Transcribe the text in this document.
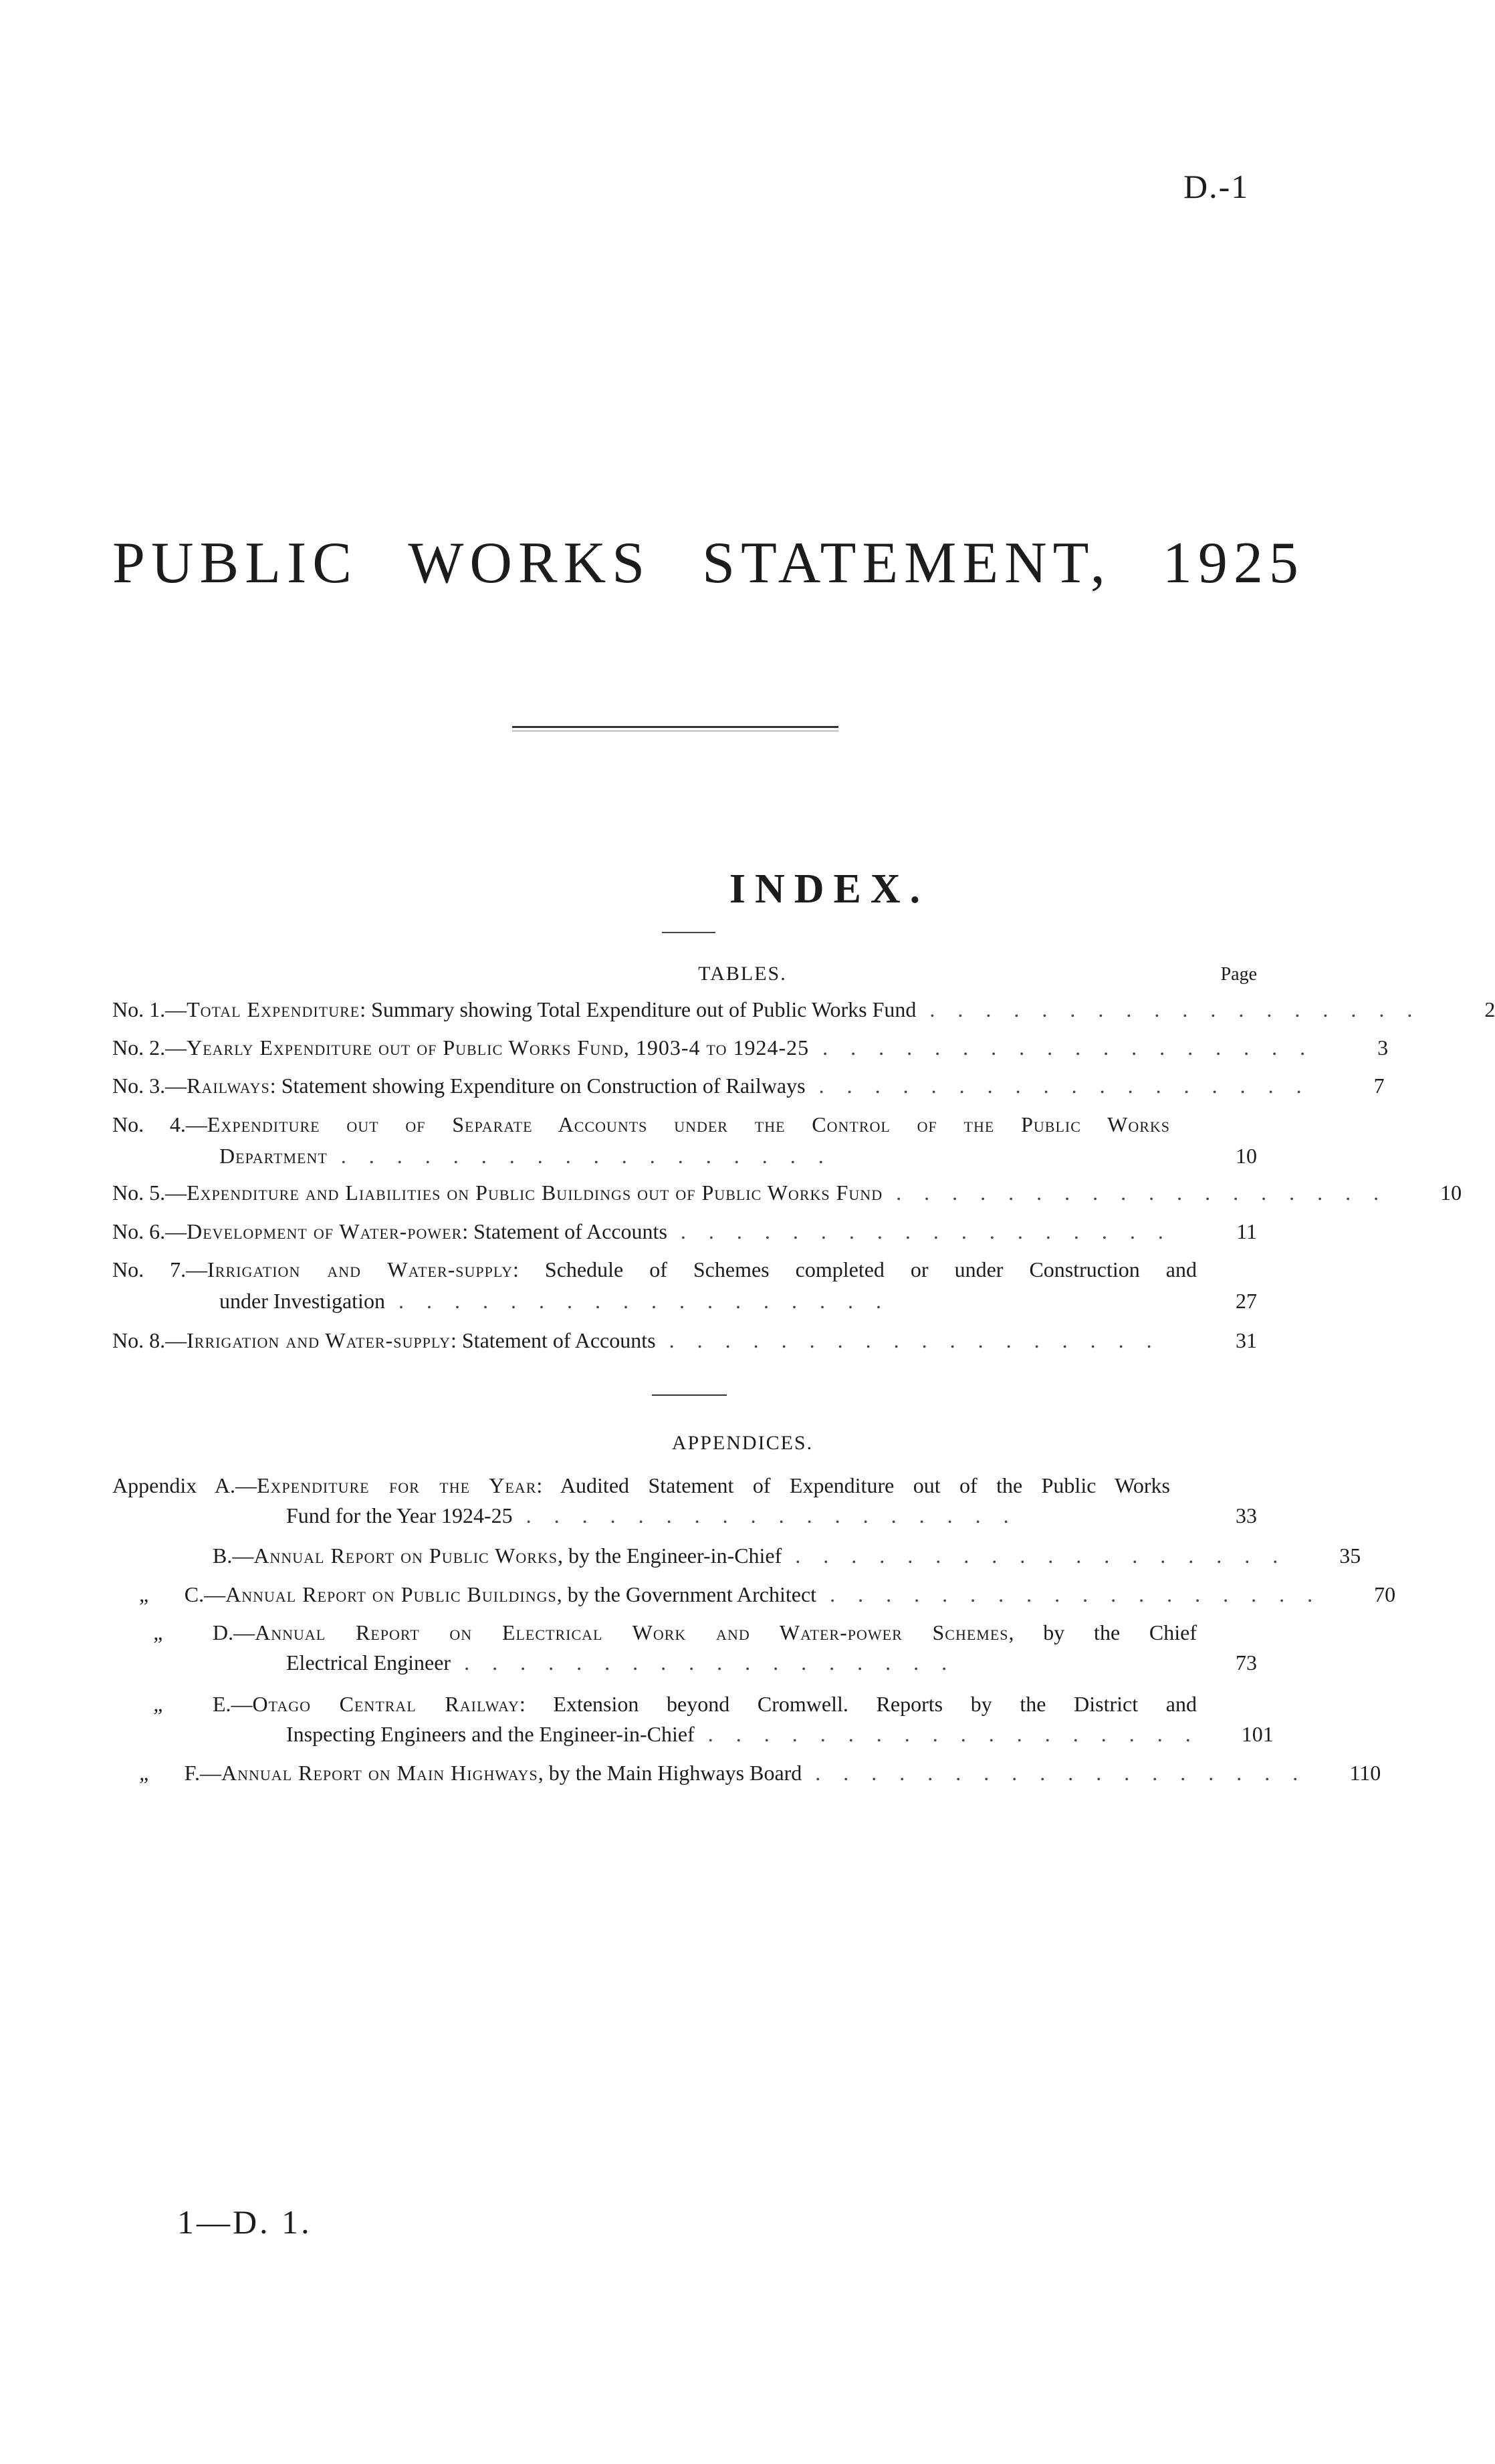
D.-1
PUBLIC WORKS STATEMENT, 1925
INDEX.
TABLES.	Page
No. 1.—Total Expenditure: Summary showing Total Expenditure out of Public Works Fund ..................	2
No. 2.—Yearly Expenditure out of Public Works Fund, 1903-4 to 1924-25 ..................	3
No. 3.—Railways: Statement showing Expenditure on Construction of Railways ..................	7
No. 4.—Expenditure out of Separate Accounts under the Control of the Public Works
Department ..................	10
No. 5.—Expenditure and Liabilities on Public Buildings out of Public Works Fund ..................	10
No. 6.—Development of Water-power: Statement of Accounts ..................	11
No. 7.—Irrigation and Water-supply: Schedule of Schemes completed or under Construction and
under Investigation ..................	27
No. 8.—Irrigation and Water-supply: Statement of Accounts ..................	31
APPENDICES.
Appendix A.—Expenditure for the Year: Audited Statement of Expenditure out of the Public Works
Fund for the Year 1924-25 ..................	33
B.—Annual Report on Public Works, by the Engineer-in-Chief ..................	35
„ C.—Annual Report on Public Buildings, by the Government Architect ..................	70
„	D.—Annual Report on Electrical Work and Water-power Schemes, by the Chief
Electrical Engineer ..................	73
„	E.—Otago Central Railway: Extension beyond Cromwell. Reports by the District and
Inspecting Engineers and the Engineer-in-Chief ..................	101
„ F.—Annual Report on Main Highways, by the Main Highways Board ..................	110
1—D. 1.
